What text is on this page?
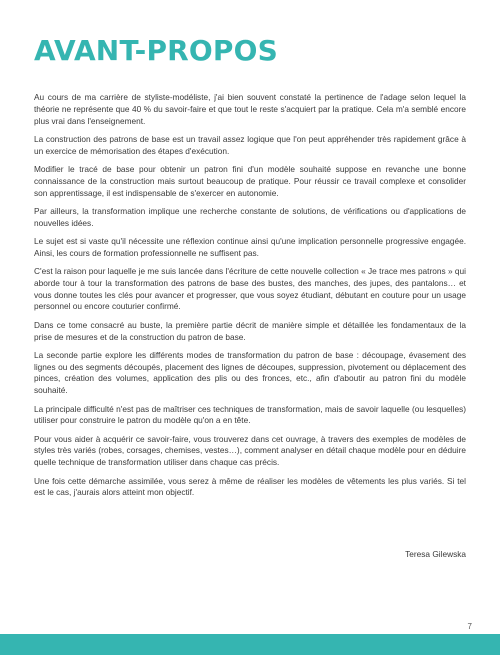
AVANT-PROPOS

Au cours de ma carrière de styliste-modéliste, j'ai bien souvent constaté la pertinence de l'adage selon lequel la théorie ne représente que 40 % du savoir-faire et que tout le reste s'acquiert par la pratique. Cela m'a semblé encore plus vrai dans l'enseignement.

La construction des patrons de base est un travail assez logique que l'on peut appréhender très rapidement grâce à un exercice de mémorisation des étapes d'exécution.

Modifier le tracé de base pour obtenir un patron fini d'un modèle souhaité suppose en revanche une bonne connaissance de la construction mais surtout beaucoup de pratique. Pour réussir ce travail complexe et consolider son apprentissage, il est indispensable de s'exercer en autonomie.

Par ailleurs, la transformation implique une recherche constante de solutions, de vérifications ou d'applications de nouvelles idées.

Le sujet est si vaste qu'il nécessite une réflexion continue ainsi qu'une implication personnelle progressive engagée. Ainsi, les cours de formation professionnelle ne suffisent pas.

C'est la raison pour laquelle je me suis lancée dans l'écriture de cette nouvelle collection « Je trace mes patrons » qui aborde tour à tour la transformation des patrons de base des bustes, des manches, des jupes, des pantalons… et vous donne toutes les clés pour avancer et progresser, que vous soyez étudiant, débutant en couture pour un usage personnel ou encore couturier confirmé.

Dans ce tome consacré au buste, la première partie décrit de manière simple et détaillée les fondamentaux de la prise de mesures et de la construction du patron de base.

La seconde partie explore les différents modes de transformation du patron de base : découpage, évasement des lignes ou des segments découpés, placement des lignes de découpes, suppression, pivotement ou déplacement des pinces, création des volumes, application des plis ou des fronces, etc., afin d'aboutir au patron fini du modèle souhaité.

La principale difficulté n'est pas de maîtriser ces techniques de transformation, mais de savoir laquelle (ou lesquelles) utiliser pour construire le patron du modèle qu'on a en tête.

Pour vous aider à acquérir ce savoir-faire, vous trouverez dans cet ouvrage, à travers des exemples de modèles de styles très variés (robes, corsages, chemises, vestes…), comment analyser en détail chaque modèle pour en déduire quelle technique de transformation utiliser dans chaque cas précis.

Une fois cette démarche assimilée, vous serez à même de réaliser les modèles de vêtements les plus variés. Si tel est le cas, j'aurais alors atteint mon objectif.

Teresa Gilewska
7
